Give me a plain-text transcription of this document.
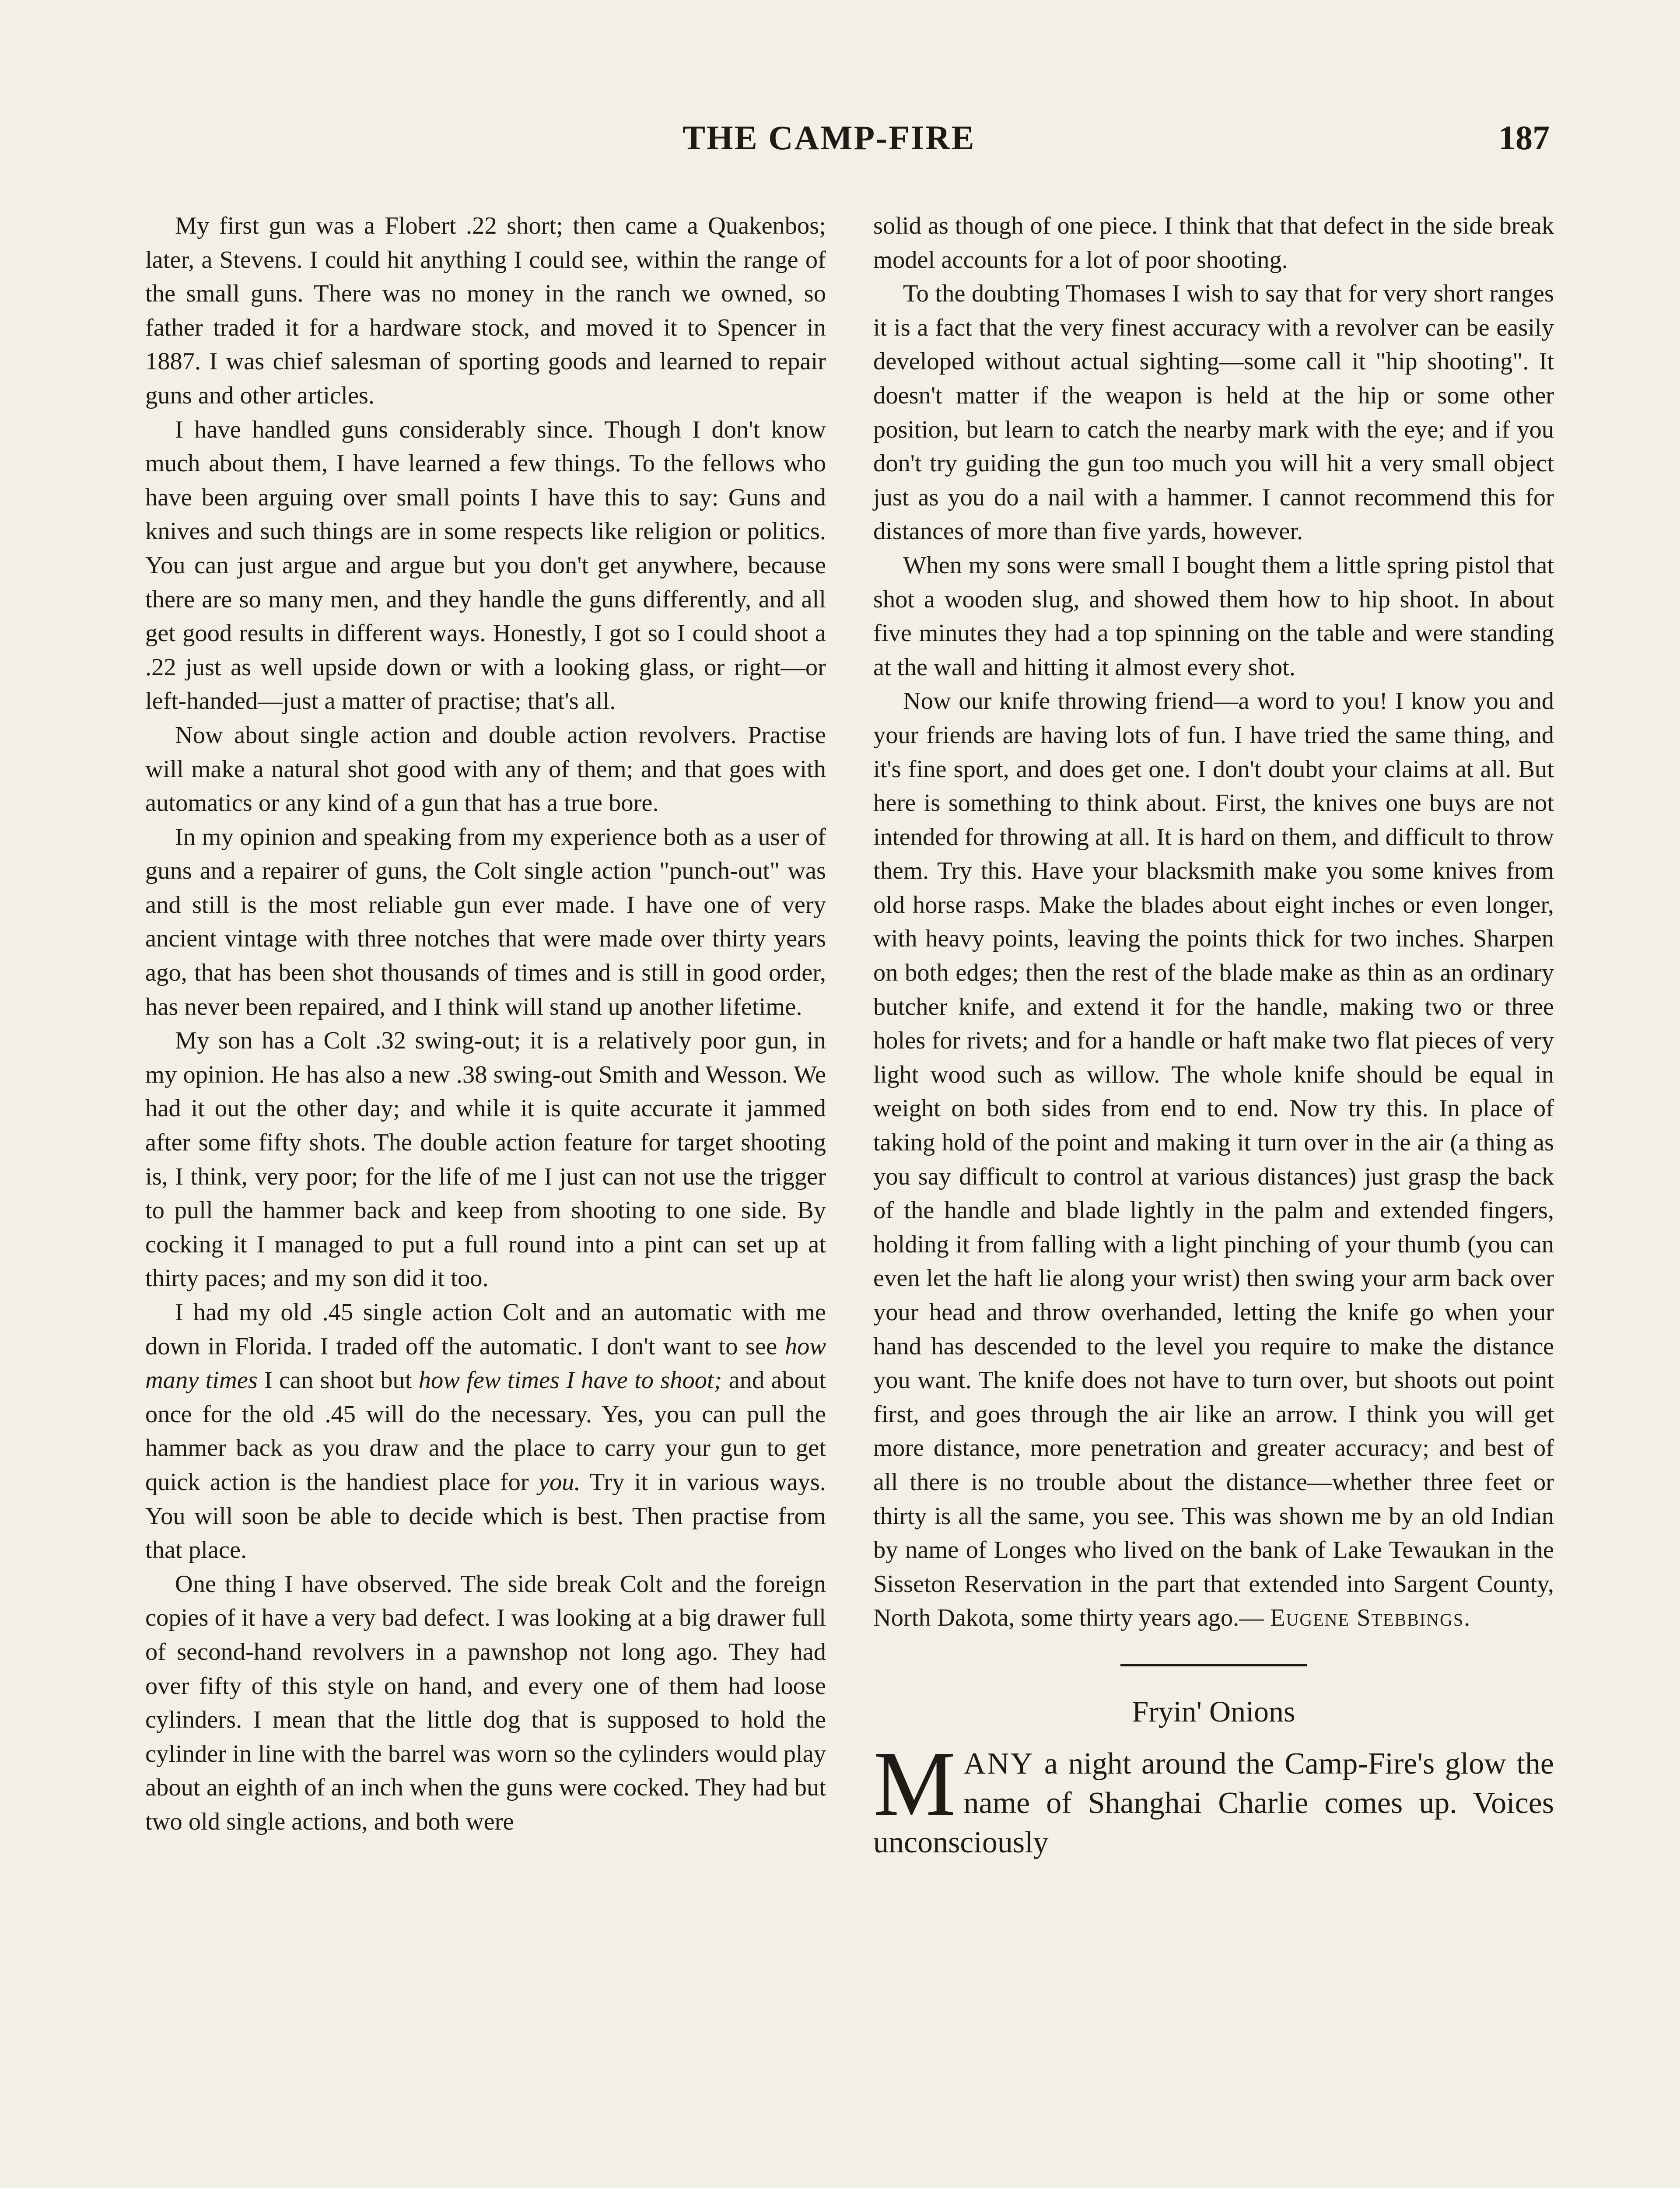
THE CAMP-FIRE	187

My first gun was a Flobert .22 short; then came a Quakenbos; later, a Stevens. I could hit anything I could see, within the range of the small guns. There was no money in the ranch we owned, so father traded it for a hardware stock, and moved it to Spencer in 1887. I was chief salesman of sporting goods and learned to repair guns and other articles.

I have handled guns considerably since. Though I don't know much about them, I have learned a few things. To the fellows who have been arguing over small points I have this to say: Guns and knives and such things are in some respects like religion or politics. You can just argue and argue but you don't get anywhere, because there are so many men, and they handle the guns differently, and all get good results in different ways. Honestly, I got so I could shoot a .22 just as well upside down or with a looking glass, or right—or left-handed—just a matter of practise; that's all.

Now about single action and double action revolvers. Practise will make a natural shot good with any of them; and that goes with automatics or any kind of a gun that has a true bore.

In my opinion and speaking from my experience both as a user of guns and a repairer of guns, the Colt single action "punch-out" was and still is the most reliable gun ever made. I have one of very ancient vintage with three notches that were made over thirty years ago, that has been shot thousands of times and is still in good order, has never been repaired, and I think will stand up another lifetime.

My son has a Colt .32 swing-out; it is a relatively poor gun, in my opinion. He has also a new .38 swing-out Smith and Wesson. We had it out the other day; and while it is quite accurate it jammed after some fifty shots. The double action feature for target shooting is, I think, very poor; for the life of me I just can not use the trigger to pull the hammer back and keep from shooting to one side. By cocking it I managed to put a full round into a pint can set up at thirty paces; and my son did it too.

I had my old .45 single action Colt and an automatic with me down in Florida. I traded off the automatic. I don't want to see how many times I can shoot but how few times I have to shoot; and about once for the old .45 will do the necessary. Yes, you can pull the hammer back as you draw and the place to carry your gun to get quick action is the handiest place for you. Try it in various ways. You will soon be able to decide which is best. Then practise from that place.

One thing I have observed. The side break Colt and the foreign copies of it have a very bad defect. I was looking at a big drawer full of second-hand revolvers in a pawnshop not long ago. They had over fifty of this style on hand, and every one of them had loose cylinders. I mean that the little dog that is supposed to hold the cylinder in line with the barrel was worn so the cylinders would play about an eighth of an inch when the guns were cocked. They had but two old single actions, and both were

solid as though of one piece. I think that that defect in the side break model accounts for a lot of poor shooting.

To the doubting Thomases I wish to say that for very short ranges it is a fact that the very finest accuracy with a revolver can be easily developed without actual sighting—some call it "hip shooting". It doesn't matter if the weapon is held at the hip or some other position, but learn to catch the nearby mark with the eye; and if you don't try guiding the gun too much you will hit a very small object just as you do a nail with a hammer. I cannot recommend this for distances of more than five yards, however.

When my sons were small I bought them a little spring pistol that shot a wooden slug, and showed them how to hip shoot. In about five minutes they had a top spinning on the table and were standing at the wall and hitting it almost every shot.

Now our knife throwing friend—a word to you! I know you and your friends are having lots of fun. I have tried the same thing, and it's fine sport, and does get one. I don't doubt your claims at all. But here is something to think about. First, the knives one buys are not intended for throwing at all. It is hard on them, and difficult to throw them. Try this. Have your blacksmith make you some knives from old horse rasps. Make the blades about eight inches or even longer, with heavy points, leaving the points thick for two inches. Sharpen on both edges; then the rest of the blade make as thin as an ordinary butcher knife, and extend it for the handle, making two or three holes for rivets; and for a handle or haft make two flat pieces of very light wood such as willow. The whole knife should be equal in weight on both sides from end to end. Now try this. In place of taking hold of the point and making it turn over in the air (a thing as you say difficult to control at various distances) just grasp the back of the handle and blade lightly in the palm and extended fingers, holding it from falling with a light pinching of your thumb (you can even let the haft lie along your wrist) then swing your arm back over your head and throw overhanded, letting the knife go when your hand has descended to the level you require to make the distance you want. The knife does not have to turn over, but shoots out point first, and goes through the air like an arrow. I think you will get more distance, more penetration and greater accuracy; and best of all there is no trouble about the distance—whether three feet or thirty is all the same, you see. This was shown me by an old Indian by name of Longes who lived on the bank of Lake Tewaukan in the Sisseton Reservation in the part that extended into Sargent County, North Dakota, some thirty years ago.— Eugene Stebbings.

Fryin' Onions

MANY a night around the Camp-Fire's glow the name of Shanghai Charlie comes up. Voices unconsciously
